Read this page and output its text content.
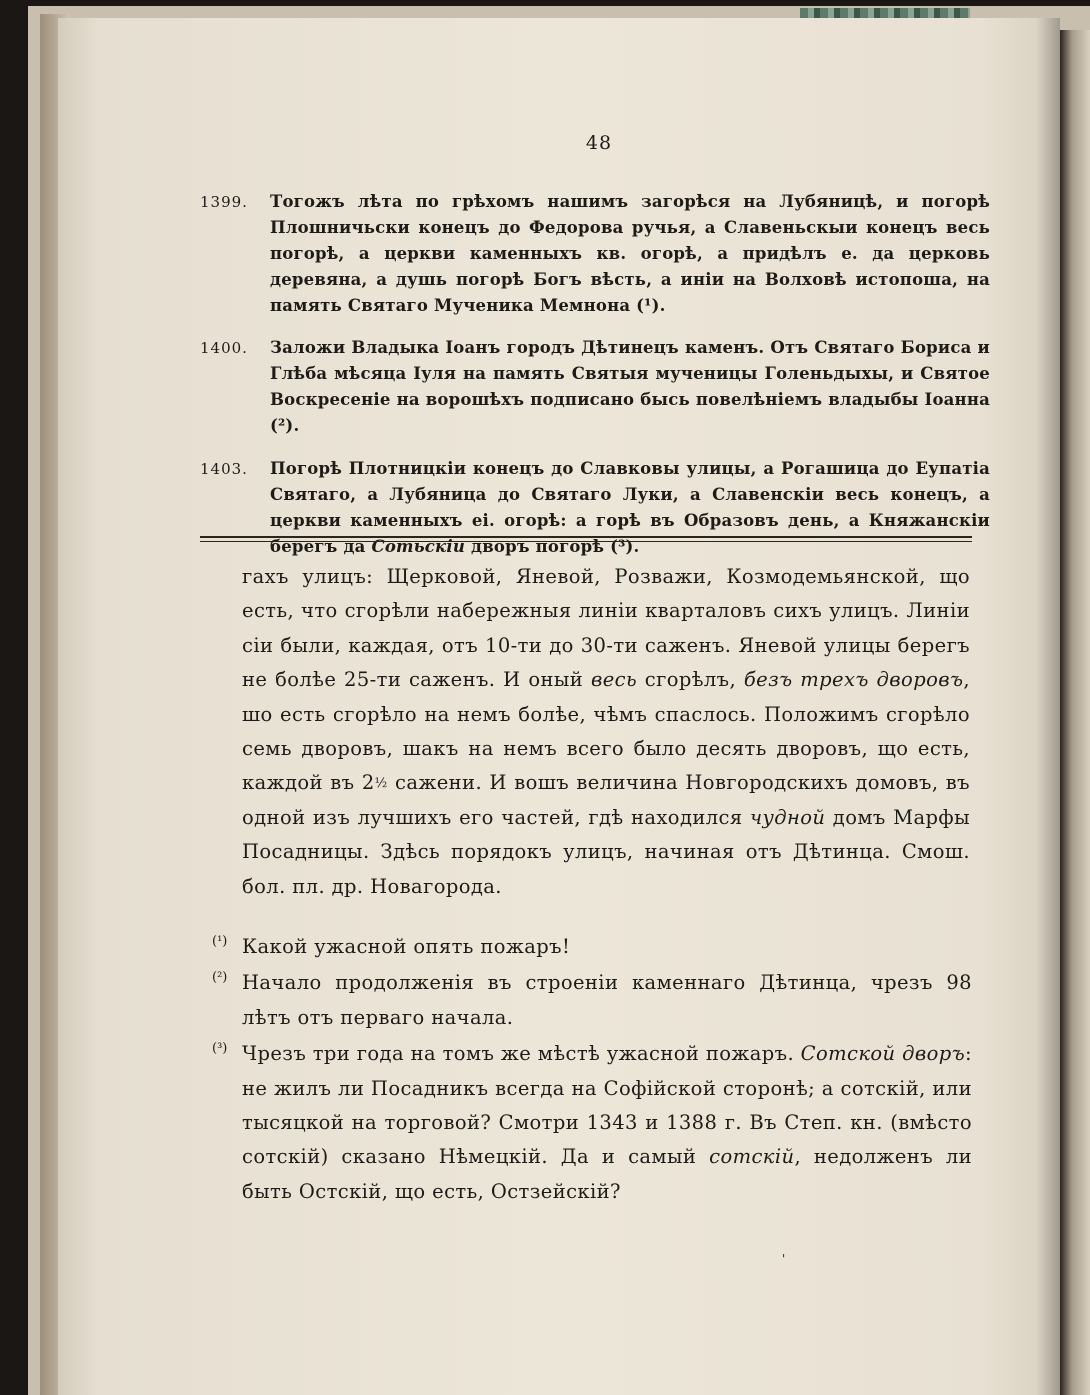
48
1399.	Тогожъ лѣта по грѣхомъ нашимъ загорѣся на Лубяницѣ, и погорѣ Плошничьски конецъ до Федорова ручья, а Славеньскыи конецъ весь погорѣ, а церкви каменныхъ кв. огорѣ, а придѣлъ е. да церковь деревяна, а душь погорѣ Богъ вѣсть, а иніи на Волховѣ истопоша, на память Святаго Мученика Мемнона (¹).

1400.	Заложи Владыка Іоанъ городъ Дѣтинецъ каменъ. Отъ Святаго Бориса и Глѣба мѣсяца Іуля на память Святыя мученицы Голеньдыхы, и Святое Воскресеніе на ворошѣхъ подписано бысь повелѣніемъ владыбы Іоанна (²).

1403.	Погорѣ Плотницкіи конецъ до Славковы улицы, а Рогашица до Еупатіа Святаго, а Лубяница до Святаго Луки, а Славенскіи весь конецъ, а церкви каменныхъ еі. огорѣ: а горѣ въ Образовъ день, а Княжанскіи берегъ да Сотьскіи дворъ погорѣ (³).

гахъ улицъ: Щерковой, Яневой, Розважи, Козмодемьянской, що есть, что сгорѣли набережныя линіи кварталовъ сихъ улицъ. Линіи сіи были, каждая, отъ 10-ти до 30-ти саженъ. Яневой улицы берегъ не болѣе 25-ти саженъ. И оный весь сгорѣлъ, безъ трехъ дворовъ, шо есть сгорѣло на немъ болѣе, чѣмъ спаслось. Положимъ сгорѣло семь дворовъ, шакъ на немъ всего было десять дворовъ, що есть, каждой въ 2½ сажени. И вошъ величина Новгородскихъ домовъ, въ одной изъ лучшихъ его частей, гдѣ находился чудной домъ Марфы Посадницы. Здѣсь порядокъ улицъ, начиная отъ Дѣтинца. Смош. бол. пл. др. Новагорода.

(¹) Какой ужасной опять пожаръ!

(²) Начало продолженія въ строеніи каменнаго Дѣтинца, чрезъ 98 лѣтъ отъ перваго начала.

(³) Чрезъ три года на томъ же мѣстѣ ужасной пожаръ. Сотской дворъ: не жилъ ли Посадникъ всегда на Софійской сторонѣ; а сотскій, или тысяцкой на торговой? Смотри 1343 и 1388 г. Въ Степ. кн. (вмѣсто сотскій) сказано Нѣмецкій. Да и самый сотскій, недолженъ ли быть Остскій, що есть, Остзейскій?

'
